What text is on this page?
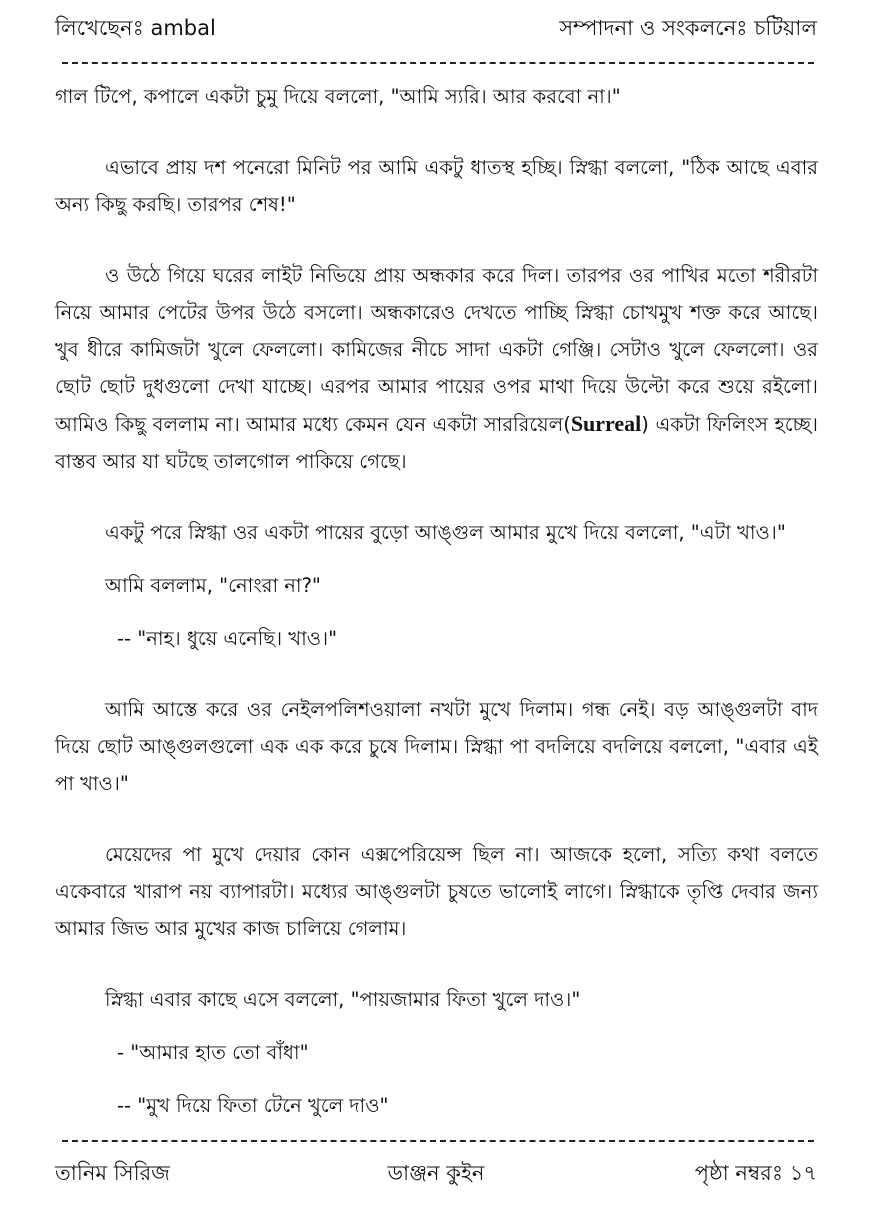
লিখেছেনঃ ambal	সম্পাদনা ও সংকলনেঃ চটিয়াল

গাল টিপে, কপালে একটা চুমু দিয়ে বললো, "আমি স্যরি। আর করবো না।"

এভাবে প্রায় দশ পনেরো মিনিট পর আমি একটু ধাতস্থ হচ্ছি। স্নিগ্ধা বললো, "ঠিক আছে এবার অন্য কিছু করছি। তারপর শেষ!"

ও উঠে গিয়ে ঘরের লাইট নিভিয়ে প্রায় অন্ধকার করে দিল। তারপর ওর পাখির মতো শরীরটা নিয়ে আমার পেটের উপর উঠে বসলো। অন্ধকারেও দেখতে পাচ্ছি স্নিগ্ধা চোখমুখ শক্ত করে আছে। খুব ধীরে কামিজটা খুলে ফেললো। কামিজের নীচে সাদা একটা গেঞ্জি। সেটাও খুলে ফেললো। ওর ছোট ছোট দুধগুলো দেখা যাচ্ছে। এরপর আমার পায়ের ওপর মাথা দিয়ে উল্টো করে শুয়ে রইলো। আমিও কিছু বললাম না। আমার মধ্যে কেমন যেন একটা সাররিয়েল(Surreal) একটা ফিলিংস হচ্ছে। বাস্তব আর যা ঘটছে তালগোল পাকিয়ে গেছে।

একটু পরে স্নিগ্ধা ওর একটা পায়ের বুড়ো আঙ্গুল আমার মুখে দিয়ে বললো, "এটা খাও।"

আমি বললাম, "নোংরা না?"

-- "নাহ। ধুয়ে এনেছি। খাও।"

আমি আস্তে করে ওর নেইলপলিশওয়ালা নখটা মুখে দিলাম। গন্ধ নেই। বড় আঙ্গুলটা বাদ দিয়ে ছোট আঙ্গুলগুলো এক এক করে চুষে দিলাম। স্নিগ্ধা পা বদলিয়ে বদলিয়ে বললো, "এবার এই পা খাও।"

মেয়েদের পা মুখে দেয়ার কোন এক্সপেরিয়েন্স ছিল না। আজকে হলো, সত্যি কথা বলতে একেবারে খারাপ নয় ব্যাপারটা। মধ্যের আঙ্গুলটা চুষতে ভালোই লাগে। স্নিগ্ধাকে তৃপ্তি দেবার জন্য আমার জিভ আর মুখের কাজ চালিয়ে গেলাম।

স্নিগ্ধা এবার কাছে এসে বললো, "পায়জামার ফিতা খুলে দাও।"

- "আমার হাত তো বাঁধা"

-- "মুখ দিয়ে ফিতা টেনে খুলে দাও"

তানিম সিরিজ	ডাঞ্জন কুইন	পৃষ্ঠা নম্বরঃ ১৭
